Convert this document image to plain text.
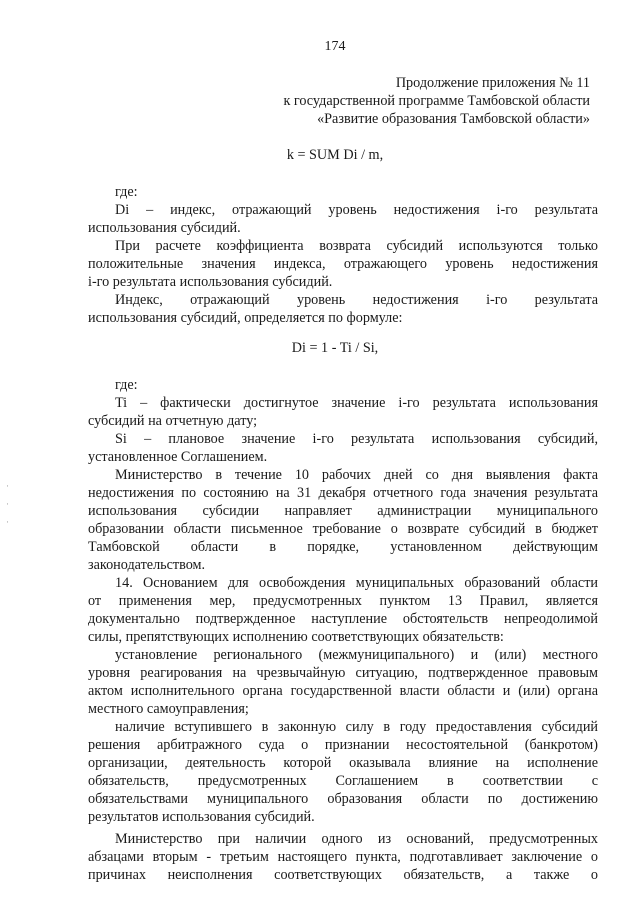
174
Продолжение приложения № 11
к государственной программе Тамбовской области
«Развитие образования Тамбовской области»
k = SUM Di / m,
где:
Di – индекс, отражающий уровень недостижения i-го результата
использования субсидий.
При расчете коэффициента возврата субсидий используются только
положительные значения индекса, отражающего уровень недостижения
i-го результата использования субсидий.
Индекс, отражающий уровень недостижения i-го результата
использования субсидий, определяется по формуле:
Di = 1 - Ti / Si,
где:
Ti – фактически достигнутое значение i-го результата использования
субсидий на отчетную дату;
Si – плановое значение i-го результата использования субсидий,
установленное Соглашением.
Министерство в течение 10 рабочих дней со дня выявления факта
недостижения по состоянию на 31 декабря отчетного года значения результата
использования субсидии направляет администрации муниципального
образовании области письменное требование о возврате субсидий в бюджет
Тамбовской области в порядке, установленном действующим
законодательством.
14. Основанием для освобождения муниципальных образований области
от применения мер, предусмотренных пунктом 13 Правил, является
документально подтвержденное наступление обстоятельств непреодолимой
силы, препятствующих исполнению соответствующих обязательств:
установление регионального (межмуниципального) и (или) местного
уровня реагирования на чрезвычайную ситуацию, подтвержденное правовым
актом исполнительного органа государственной власти области и (или) органа
местного самоуправления;
наличие вступившего в законную силу в году предоставления субсидий
решения арбитражного суда о признании несостоятельной (банкротом)
организации, деятельность которой оказывала влияние на исполнение
обязательств, предусмотренных Соглашением в соответствии с
обязательствами муниципального образования области по достижению
результатов использования субсидий.
Министерство при наличии одного из оснований, предусмотренных
абзацами вторым - третьим настоящего пункта, подготавливает заключение о
причинах неисполнения соответствующих обязательств, а также о
·
·
·
